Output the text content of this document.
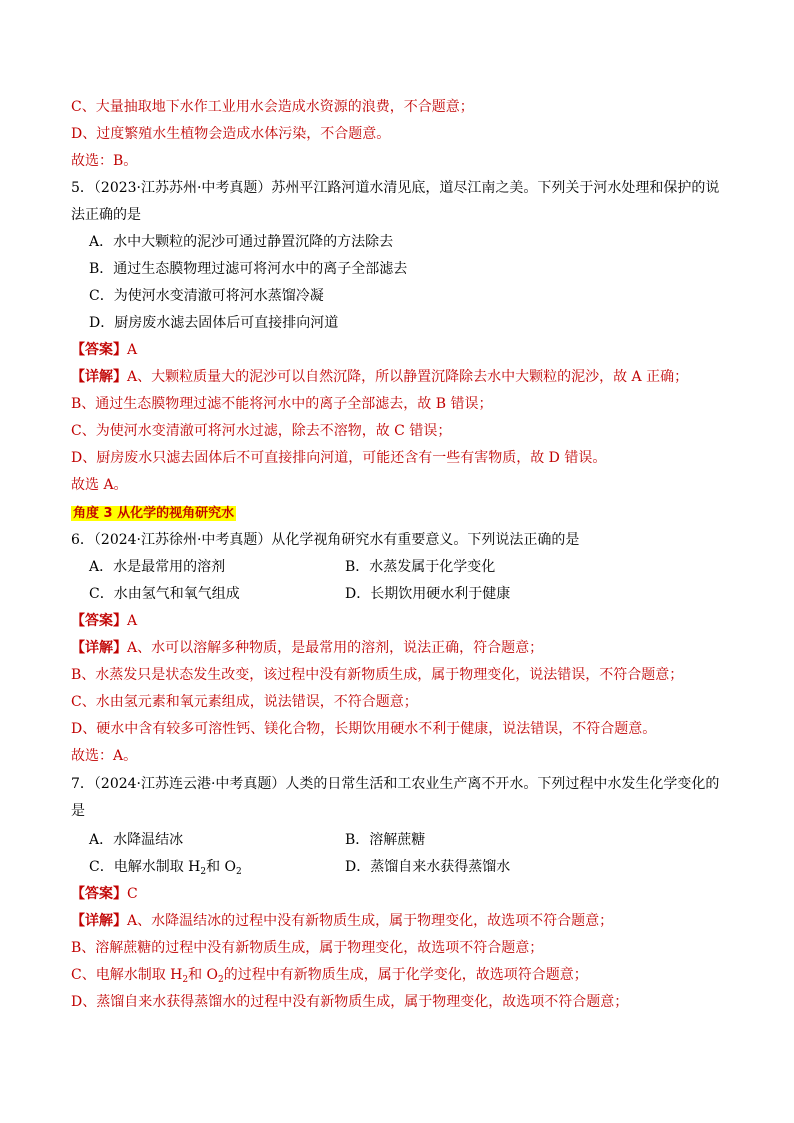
C、大量抽取地下水作工业用水会造成水资源的浪费，不合题意；
D、过度繁殖水生植物会造成水体污染，不合题意。
故选：B。
5．（2023·江苏苏州·中考真题）苏州平江路河道水清见底，道尽江南之美。下列关于河水处理和保护的说
法正确的是
A．水中大颗粒的泥沙可通过静置沉降的方法除去
B．通过生态膜物理过滤可将河水中的离子全部滤去
C．为使河水变清澈可将河水蒸馏冷凝
D．厨房废水滤去固体后可直接排向河道
【答案】A
【详解】A、大颗粒质量大的泥沙可以自然沉降，所以静置沉降除去水中大颗粒的泥沙，故 A 正确；
B、通过生态膜物理过滤不能将河水中的离子全部滤去，故 B 错误；
C、为使河水变清澈可将河水过滤，除去不溶物，故 C 错误；
D、厨房废水只滤去固体后不可直接排向河道，可能还含有一些有害物质，故 D 错误。
故选 A。
角度 3 从化学的视角研究水
6．（2024·江苏徐州·中考真题）从化学视角研究水有重要意义。下列说法正确的是
A．水是最常用的溶剂	B．水蒸发属于化学变化
C．水由氢气和氧气组成	D．长期饮用硬水利于健康
【答案】A
【详解】A、水可以溶解多种物质，是最常用的溶剂，说法正确，符合题意；
B、水蒸发只是状态发生改变，该过程中没有新物质生成，属于物理变化，说法错误，不符合题意；
C、水由氢元素和氧元素组成，说法错误，不符合题意；
D、硬水中含有较多可溶性钙、镁化合物，长期饮用硬水不利于健康，说法错误，不符合题意。
故选：A。
7．（2024·江苏连云港·中考真题）人类的日常生活和工农业生产离不开水。下列过程中水发生化学变化的
是
A．水降温结冰	B．溶解蔗糖
C．电解水制取 $H_2$和 $O_2$	D．蒸馏自来水获得蒸馏水
【答案】C
【详解】A、水降温结冰的过程中没有新物质生成，属于物理变化，故选项不符合题意；
B、溶解蔗糖的过程中没有新物质生成，属于物理变化，故选项不符合题意；
C、电解水制取 $H_2$和 $O_2$的过程中有新物质生成，属于化学变化，故选项符合题意；
D、蒸馏自来水获得蒸馏水的过程中没有新物质生成，属于物理变化，故选项不符合题意；
